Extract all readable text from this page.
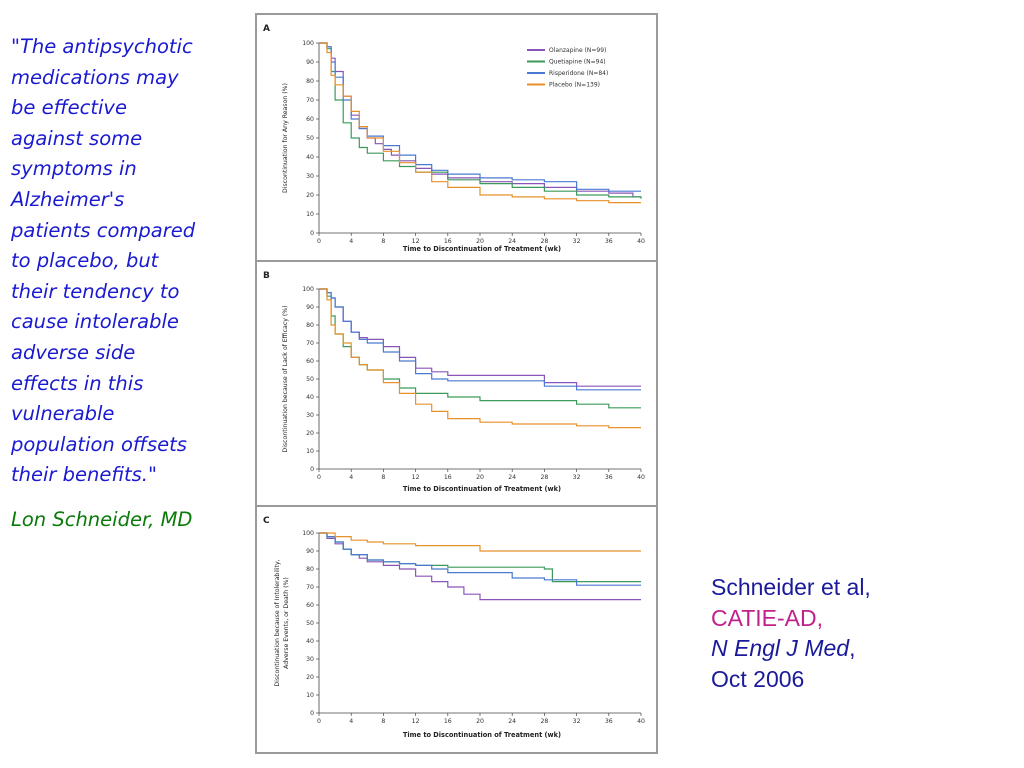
"The antipsychotic
medications may
be effective
against some
symptoms in
Alzheimer's
patients compared
to placebo, but
their tendency to
cause intolerable
adverse side
effects in this
vulnerable
population offsets
their benefits."
Lon Schneider, MD
Schneider et al,
CATIE-AD,
N Engl J Med,
Oct 2006
A
0
10
20
30
40
50
60
70
80
90
100
0	4	8	12	16	20	24	28	32	36	40
Time to Discontinuation of Treatment (wk)
Discontinuation for Any Reason (%)
Olanzapine (N=99)
Quetiapine (N=94)
Risperidone (N=84)
Placebo (N=139)
B
0
10
20
30
40
50
60
70
80
90
100
0	4	8	12	16	20	24	28	32	36	40
Time to Discontinuation of Treatment (wk)
Discontinuation because of Lack of Efficacy (%)
C
0
10
20
30
40
50
60
70
80
90
100
0	4	8	12	16	20	24	28	32	36	40
Time to Discontinuation of Treatment (wk)
Discontinuation because of Intolerability, Adverse Events, or Death (%)
